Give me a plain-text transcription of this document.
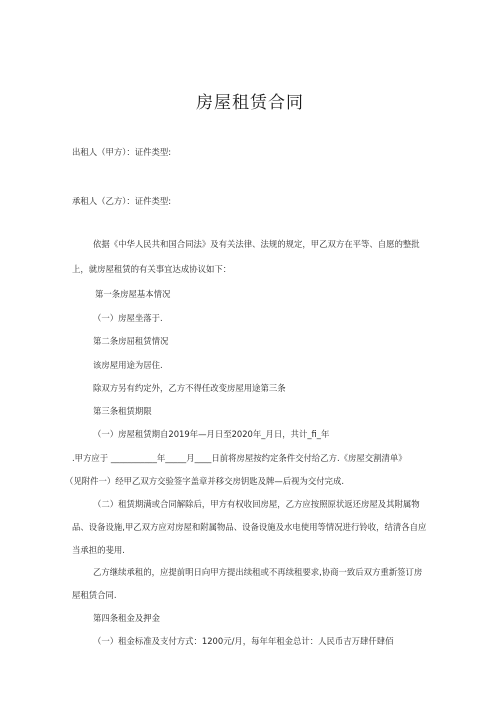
房屋租赁合同
出租人（甲方）：证件类型:
承租人（乙方）：证件类型:
依据《中华人民共和国合同法》及有关法律、法规的规定，甲乙双方在平等、自愿的整批
上，就房屋租赁的有关事宜达成协议如下：
第一条房屋基本情况
（一）房屋坐落于.
第二条房屈租赁情况
该房屋用途为居住.
除双方另有约定外，乙方不得任改变房屋用途第三条
第三条租赁期限
（一）房屋租赁期自2019年—月日至2020年_月日，共计_fi_年
.甲方应于 ___________年_____月____日前将房屋按约定条件交付给乙方.《房屋交割清单》
（见附件一）经甲乙双方交验签字盖章并移交房钥匙及牌—后视为交付完成.
（二）租赁期满或合同解除后，甲方有权收回房屋，乙方应按照原状返还房屋及其附属物
品、设备设施,甲乙双方应对房屋和附属物品、设备设施及水电使用等情况进行铃收，结清各自应
当承担的斐用.
乙方继续承租的，应提前明日向甲方提出续租或不再续租要求,协商一致后双方重新签订房
屋租赁合同.
第四条租金及押金
（一）租金标准及支付方式：1200元/月，每年年租金总计：人民币吉万肆仟肆佰
